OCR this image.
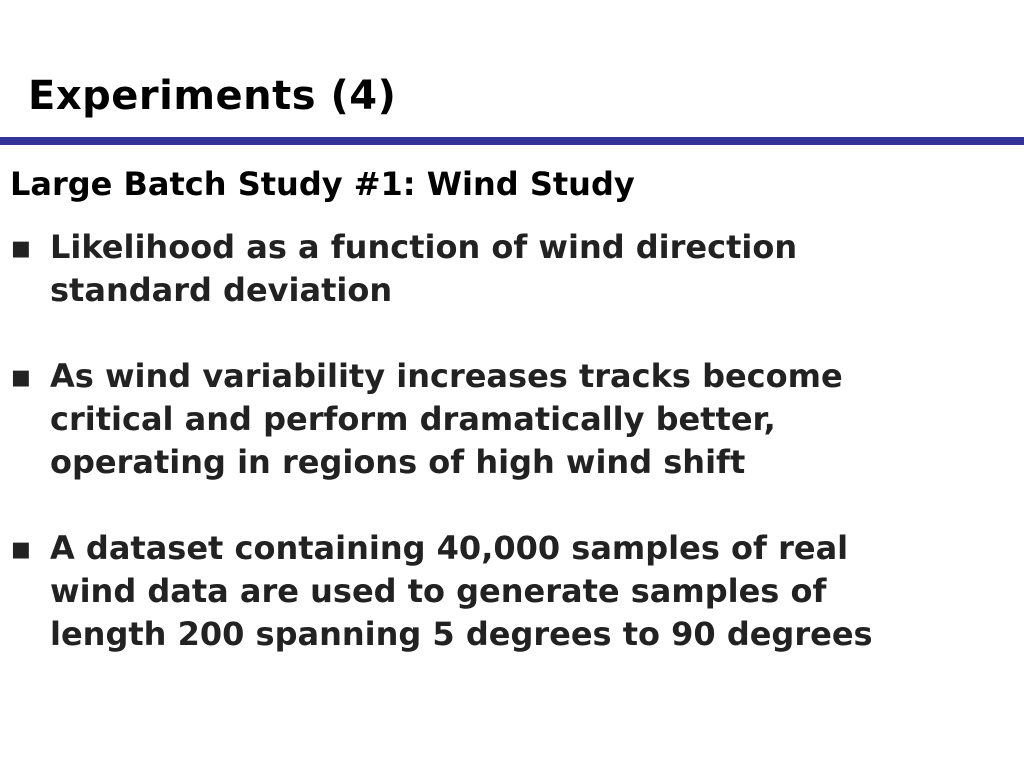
Experiments (4)
Large Batch Study #1: Wind Study
▪ Likelihood as a function of wind direction
standard deviation
▪ As wind variability increases tracks become
critical and perform dramatically better,
operating in regions of high wind shift
▪ A dataset containing 40,000 samples of real
wind data are used to generate samples of
length 200 spanning 5 degrees to 90 degrees
